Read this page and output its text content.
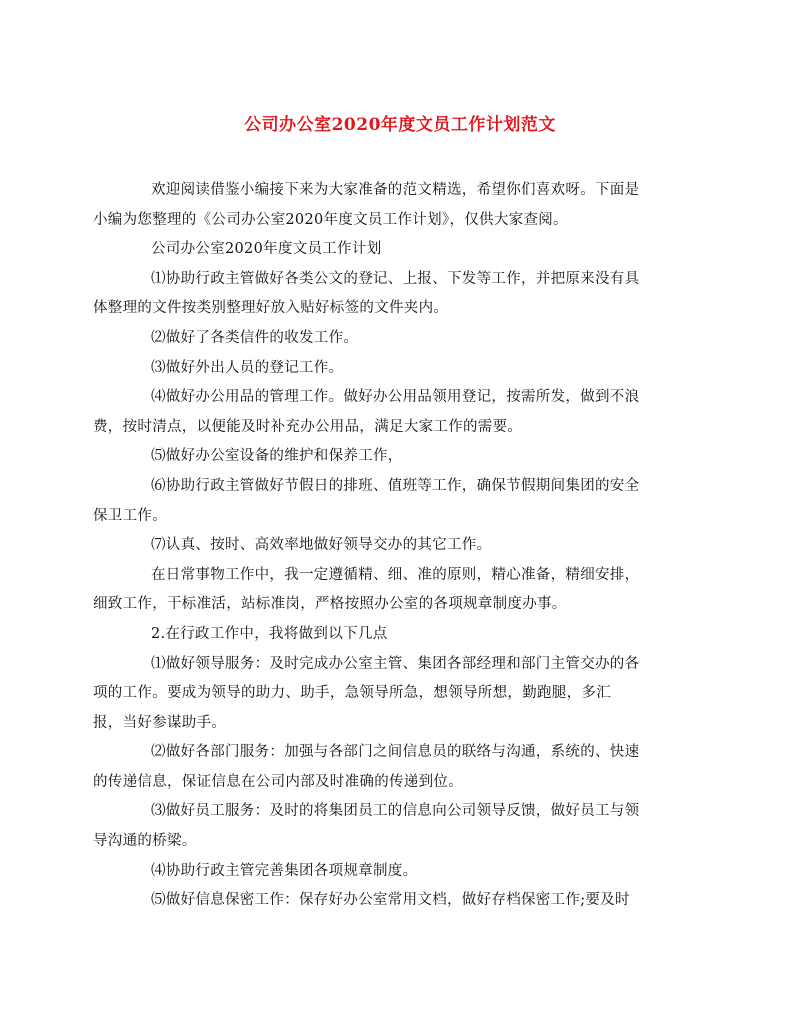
公司办公室2020年度文员工作计划范文

欢迎阅读借鉴小编接下来为大家准备的范文精选，希望你们喜欢呀。下面是
小编为您整理的《公司办公室2020年度文员工作计划》，仅供大家查阅。

公司办公室2020年度文员工作计划

⑴协助行政主管做好各类公文的登记、上报、下发等工作，并把原来没有具
体整理的文件按类别整理好放入贴好标签的文件夹内。

⑵做好了各类信件的收发工作。

⑶做好外出人员的登记工作。

⑷做好办公用品的管理工作。做好办公用品领用登记，按需所发，做到不浪
费，按时清点，以便能及时补充办公用品，满足大家工作的需要。

⑸做好办公室设备的维护和保养工作，

⑹协助行政主管做好节假日的排班、值班等工作，确保节假期间集团的安全
保卫工作。

⑺认真、按时、高效率地做好领导交办的其它工作。

在日常事物工作中，我一定遵循精、细、准的原则，精心准备，精细安排，
细致工作，干标准活，站标准岗，严格按照办公室的各项规章制度办事。

2.在行政工作中，我将做到以下几点

⑴做好领导服务：及时完成办公室主管、集团各部经理和部门主管交办的各
项的工作。要成为领导的助力、助手，急领导所急，想领导所想，勤跑腿，多汇
报，当好参谋助手。

⑵做好各部门服务：加强与各部门之间信息员的联络与沟通，系统的、快速
的传递信息，保证信息在公司内部及时准确的传递到位。

⑶做好员工服务：及时的将集团员工的信息向公司领导反馈，做好员工与领
导沟通的桥梁。

⑷协助行政主管完善集团各项规章制度。

⑸做好信息保密工作：保存好办公室常用文档，做好存档保密工作;要及时
